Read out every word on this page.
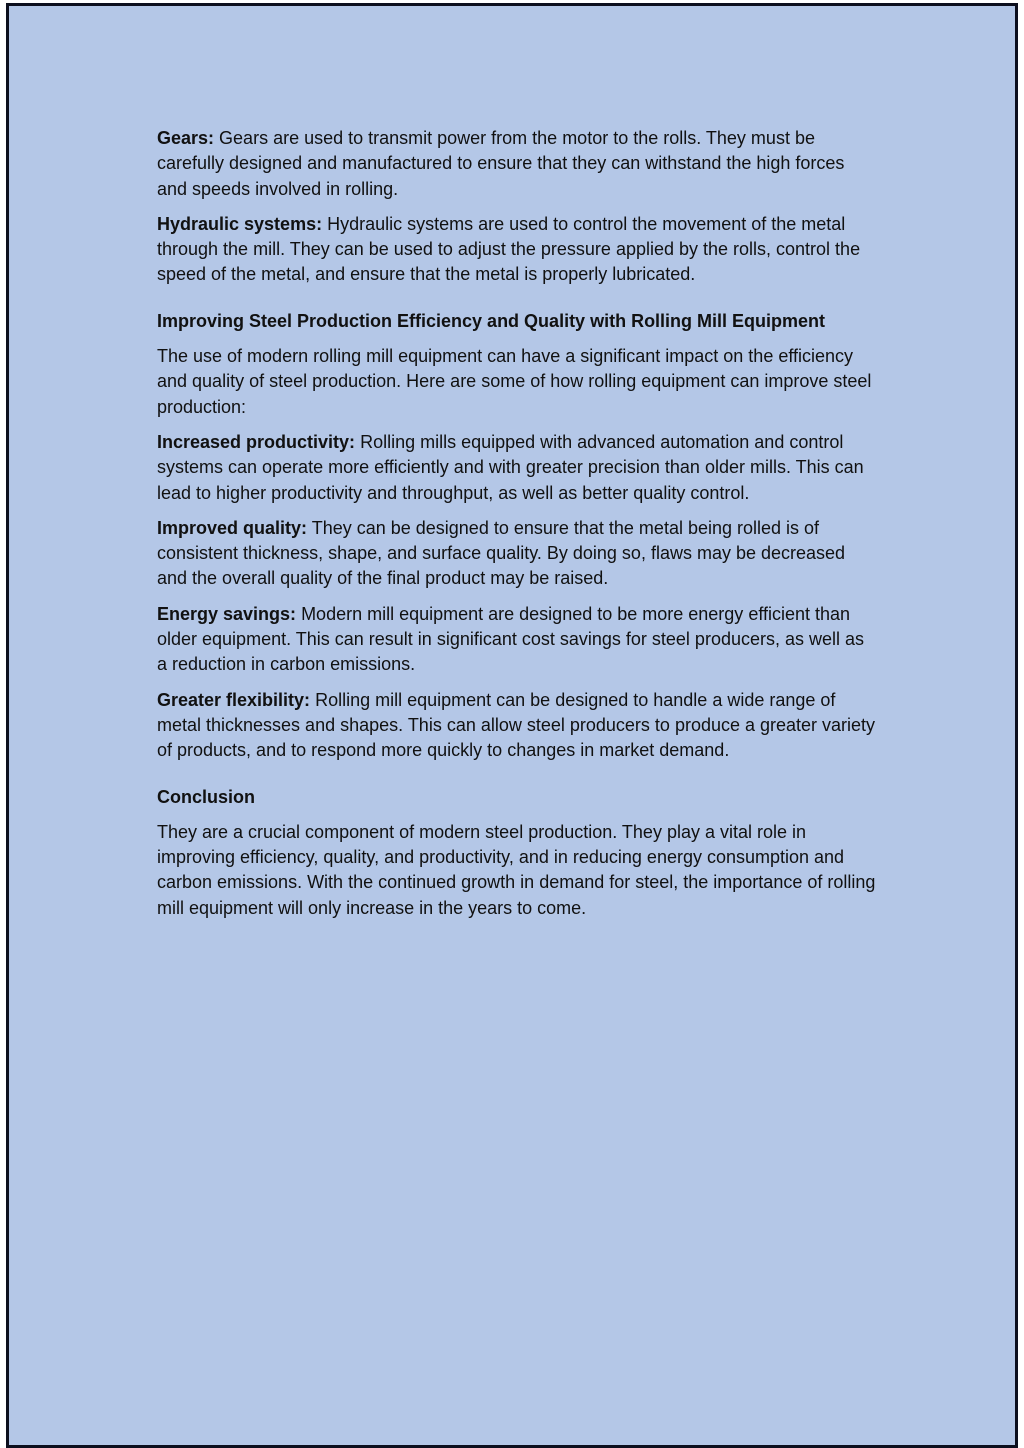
Gears: Gears are used to transmit power from the motor to the rolls. They must be carefully designed and manufactured to ensure that they can withstand the high forces and speeds involved in rolling.

Hydraulic systems: Hydraulic systems are used to control the movement of the metal through the mill. They can be used to adjust the pressure applied by the rolls, control the speed of the metal, and ensure that the metal is properly lubricated.

Improving Steel Production Efficiency and Quality with Rolling Mill Equipment

The use of modern rolling mill equipment can have a significant impact on the efficiency and quality of steel production. Here are some of how rolling equipment can improve steel production:

Increased productivity: Rolling mills equipped with advanced automation and control systems can operate more efficiently and with greater precision than older mills. This can lead to higher productivity and throughput, as well as better quality control.

Improved quality: They can be designed to ensure that the metal being rolled is of consistent thickness, shape, and surface quality. By doing so, flaws may be decreased and the overall quality of the final product may be raised.

Energy savings: Modern mill equipment are designed to be more energy efficient than older equipment. This can result in significant cost savings for steel producers, as well as a reduction in carbon emissions.

Greater flexibility: Rolling mill equipment can be designed to handle a wide range of metal thicknesses and shapes. This can allow steel producers to produce a greater variety of products, and to respond more quickly to changes in market demand.

Conclusion

They are a crucial component of modern steel production. They play a vital role in improving efficiency, quality, and productivity, and in reducing energy consumption and carbon emissions. With the continued growth in demand for steel, the importance of rolling mill equipment will only increase in the years to come.
